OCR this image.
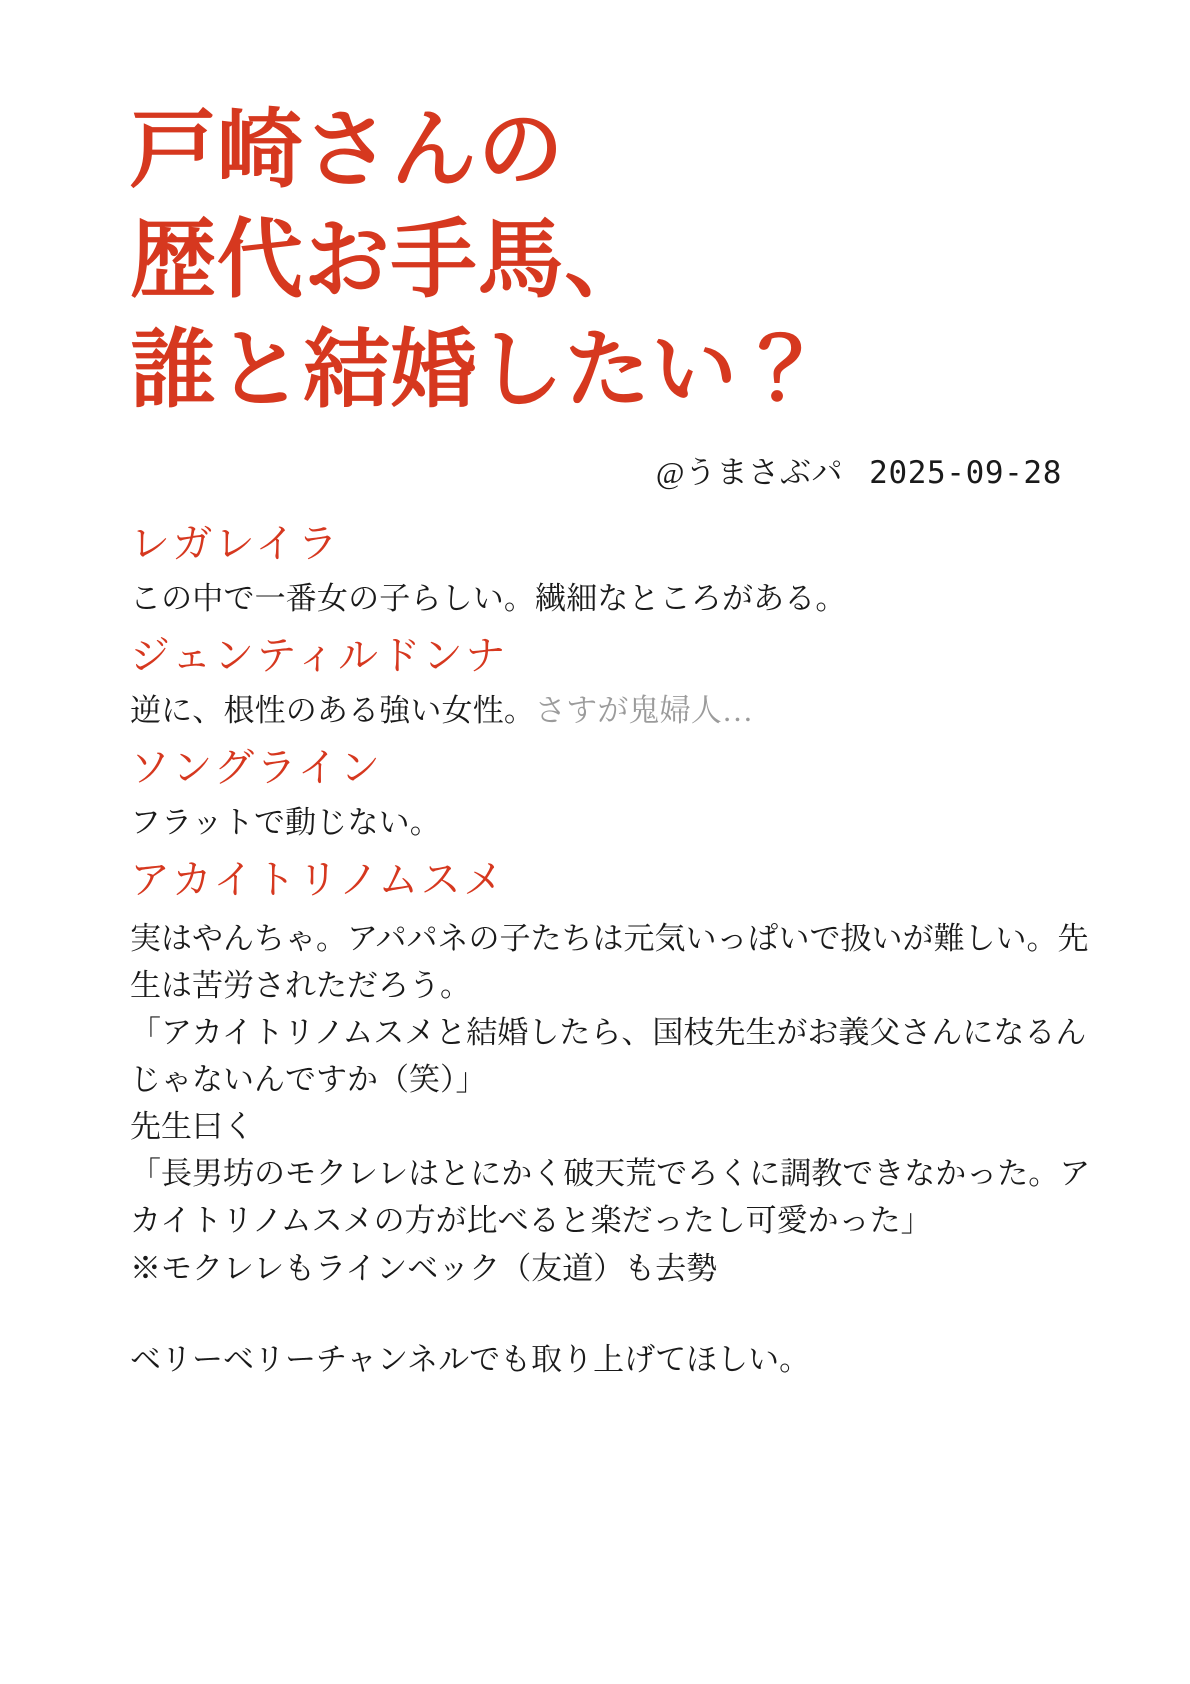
戸崎さんの
歴代お手馬、
誰と結婚したい？
@うまさぶパ 2025-09-28
レガレイラ
この中で一番女の子らしい。繊細なところがある。
ジェンティルドンナ
逆に、根性のある強い女性。さすが鬼婦人…
ソングライン
フラットで動じない。
アカイトリノムスメ
実はやんちゃ。アパパネの子たちは元気いっぱいで扱いが難しい。先生は苦労されただろう。
「アカイトリノムスメと結婚したら、国枝先生がお義父さんになるんじゃないんですか（笑）」
先生曰く
「長男坊のモクレレはとにかく破天荒でろくに調教できなかった。アカイトリノムスメの方が比べると楽だったし可愛かった」
※モクレレもラインベック（友道）も去勢
ベリーベリーチャンネルでも取り上げてほしい。
